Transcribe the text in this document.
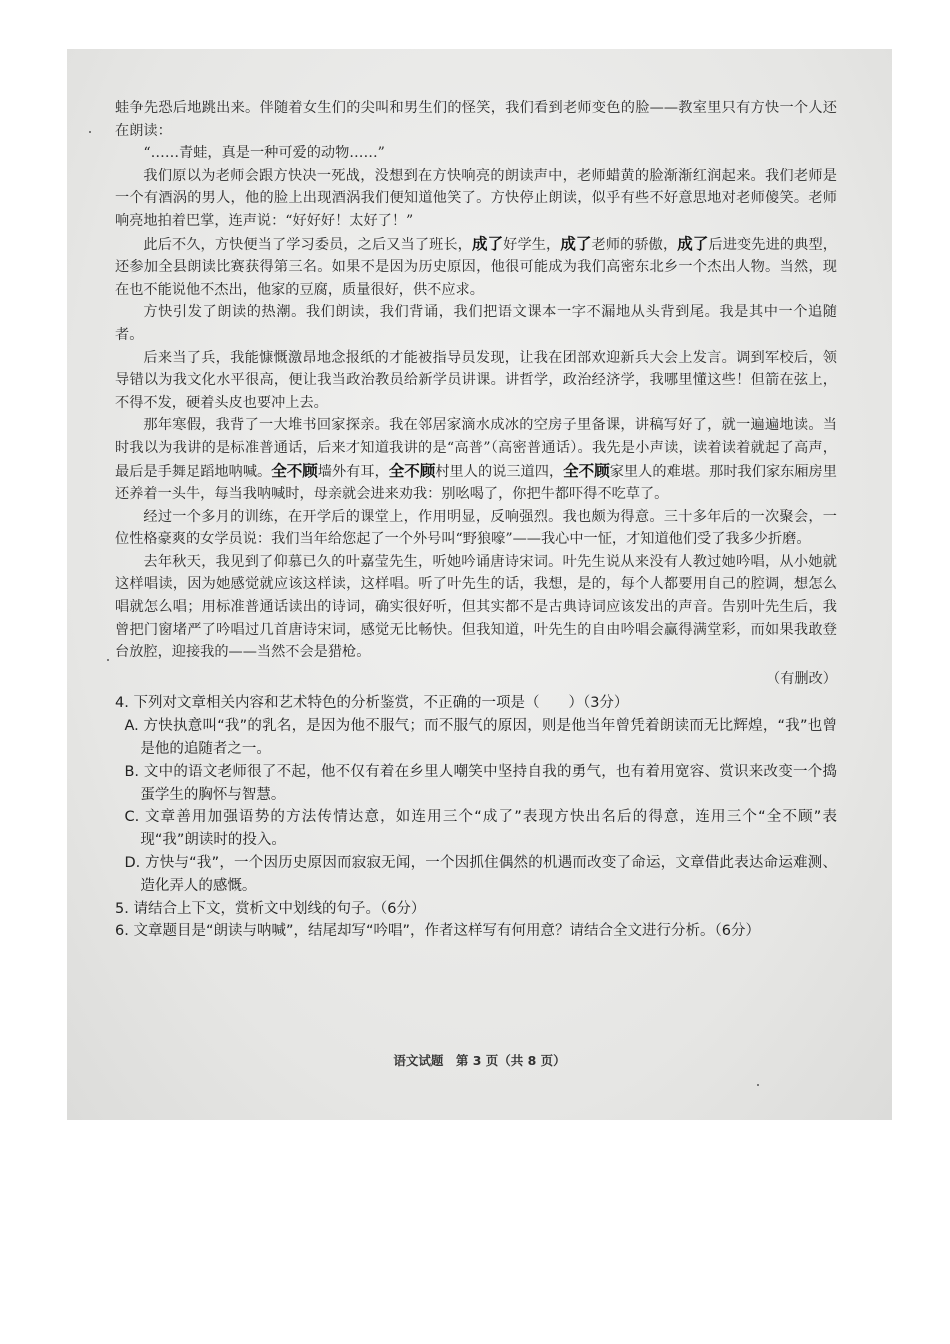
蛙争先恐后地跳出来。伴随着女生们的尖叫和男生们的怪笑，我们看到老师变色的脸——教室里只有方快一个人还在朗读：

“……青蛙，真是一种可爱的动物……”

我们原以为老师会跟方快决一死战，没想到在方快响亮的朗读声中，老师蜡黄的脸渐渐红润起来。我们老师是一个有酒涡的男人，他的脸上出现酒涡我们便知道他笑了。方快停止朗读，似乎有些不好意思地对老师傻笑。老师响亮地拍着巴掌，连声说：“好好好！太好了！”

此后不久，方快便当了学习委员，之后又当了班长，成了好学生，成了老师的骄傲，成了后进变先进的典型，还参加全县朗读比赛获得第三名。如果不是因为历史原因，他很可能成为我们高密东北乡一个杰出人物。当然，现在也不能说他不杰出，他家的豆腐，质量很好，供不应求。

方快引发了朗读的热潮。我们朗读，我们背诵，我们把语文课本一字不漏地从头背到尾。我是其中一个追随者。

后来当了兵，我能慷慨激昂地念报纸的才能被指导员发现，让我在团部欢迎新兵大会上发言。调到军校后，领导错以为我文化水平很高，便让我当政治教员给新学员讲课。讲哲学，政治经济学，我哪里懂这些！但箭在弦上，不得不发，硬着头皮也要冲上去。

那年寒假，我背了一大堆书回家探亲。我在邻居家滴水成冰的空房子里备课，讲稿写好了，就一遍遍地读。当时我以为我讲的是标准普通话，后来才知道我讲的是“高普”（高密普通话）。我先是小声读，读着读着就起了高声，最后是手舞足蹈地呐喊。全不顾墙外有耳，全不顾村里人的说三道四，全不顾家里人的难堪。那时我们家东厢房里还养着一头牛，每当我呐喊时，母亲就会进来劝我：别吆喝了，你把牛都吓得不吃草了。

经过一个多月的训练，在开学后的课堂上，作用明显，反响强烈。我也颇为得意。三十多年后的一次聚会，一位性格豪爽的女学员说：我们当年给您起了一个外号叫“野狼嚎”——我心中一怔，才知道他们受了我多少折磨。

去年秋天，我见到了仰慕已久的叶嘉莹先生，听她吟诵唐诗宋词。叶先生说从来没有人教过她吟唱，从小她就这样唱读，因为她感觉就应该这样读，这样唱。听了叶先生的话，我想，是的，每个人都要用自己的腔调，想怎么唱就怎么唱；用标准普通话读出的诗词，确实很好听，但其实都不是古典诗词应该发出的声音。告别叶先生后，我曾把门窗堵严了吟唱过几首唐诗宋词，感觉无比畅快。但我知道，叶先生的自由吟唱会赢得满堂彩，而如果我敢登台放腔，迎接我的——当然不会是猎枪。

（有删改）

4. 下列对文章相关内容和艺术特色的分析鉴赏，不正确的一项是（　　）（3分）

A. 方快执意叫“我”的乳名，是因为他不服气；而不服气的原因，则是他当年曾凭着朗读而无比辉煌，“我”也曾是他的追随者之一。

B. 文中的语文老师很了不起，他不仅有着在乡里人嘲笑中坚持自我的勇气，也有着用宽容、赏识来改变一个捣蛋学生的胸怀与智慧。

C. 文章善用加强语势的方法传情达意，如连用三个“成了”表现方快出名后的得意，连用三个“全不顾”表现“我”朗读时的投入。

D. 方快与“我”，一个因历史原因而寂寂无闻，一个因抓住偶然的机遇而改变了命运，文章借此表达命运难测、造化弄人的感慨。

5. 请结合上下文，赏析文中划线的句子。（6分）

6. 文章题目是“朗读与呐喊”，结尾却写“吟唱”，作者这样写有何用意？请结合全文进行分析。（6分）

语文试题　第 3 页（共 8 页）
